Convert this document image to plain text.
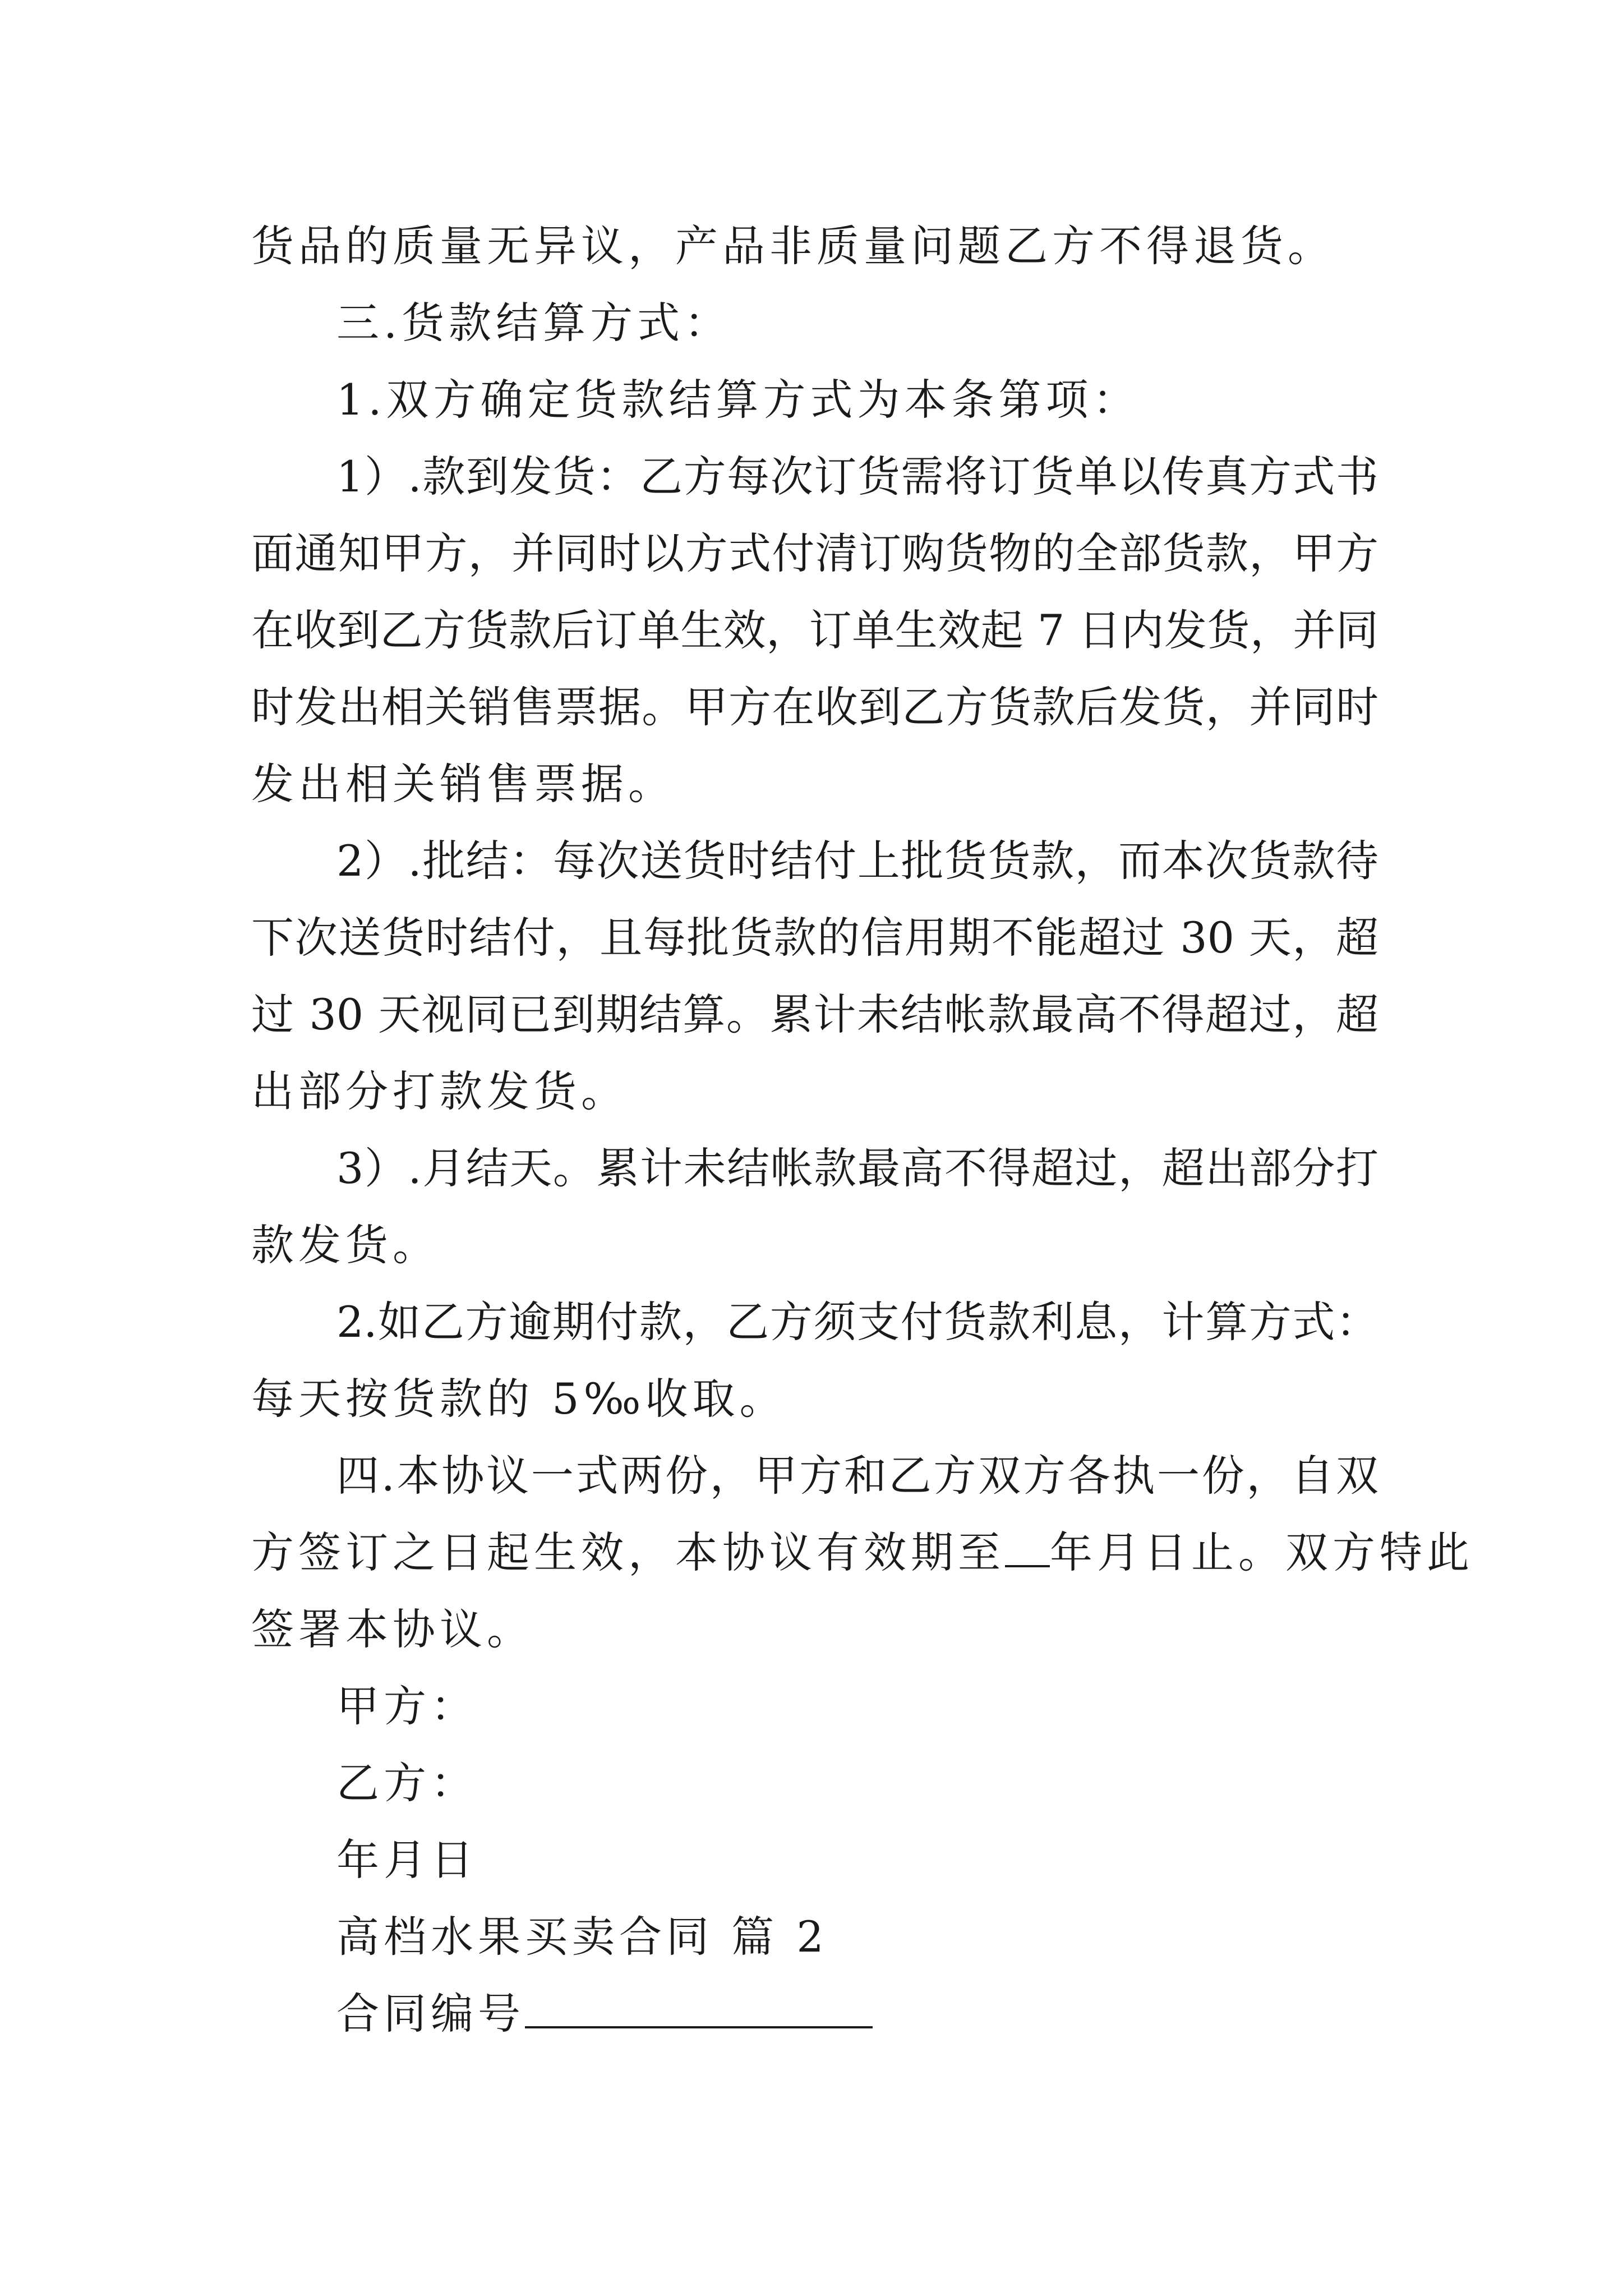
货品的质量无异议，产品非质量问题乙方不得退货。
三.货款结算方式：
1.双方确定货款结算方式为本条第项：
1）.款到发货：乙方每次订货需将订货单以传真方式书
面通知甲方，并同时以方式付清订购货物的全部货款，甲方
在收到乙方货款后订单生效，订单生效起 7 日内发货，并同
时发出相关销售票据。甲方在收到乙方货款后发货，并同时
发出相关销售票据。
2）.批结：每次送货时结付上批货货款，而本次货款待
下次送货时结付，且每批货款的信用期不能超过 30 天，超
过 30 天视同已到期结算。累计未结帐款最高不得超过，超
出部分打款发货。
3）.月结天。累计未结帐款最高不得超过，超出部分打
款发货。
2.如乙方逾期付款，乙方须支付货款利息，计算方式：
每天按货款的 5‰收取。
四.本协议一式两份，甲方和乙方双方各执一份，自双
方签订之日起生效，本协议有效期至 年月日止。双方特此
签署本协议。
甲方：
乙方：
年月日
高档水果买卖合同 篇 2
合同编号
